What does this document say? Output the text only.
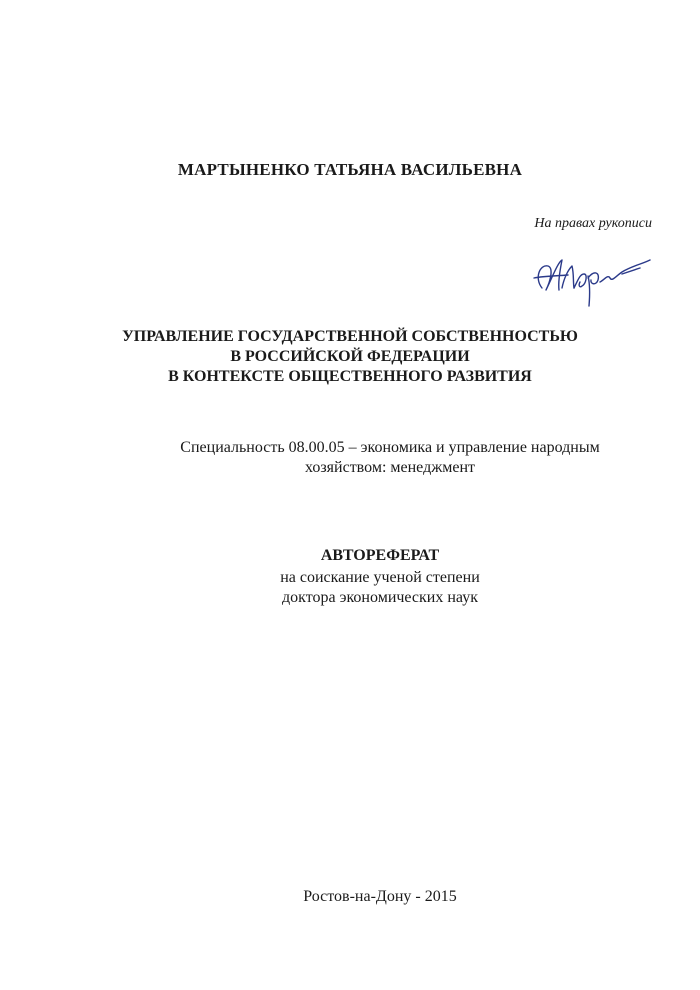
МАРТЫНЕНКО ТАТЬЯНА ВАСИЛЬЕВНА
На правах рукописи
УПРАВЛЕНИЕ ГОСУДАРСТВЕННОЙ СОБСТВЕННОСТЬЮ
В РОССИЙСКОЙ ФЕДЕРАЦИИ
В КОНТЕКСТЕ ОБЩЕСТВЕННОГО РАЗВИТИЯ
Специальность 08.00.05 – экономика и управление народным
хозяйством: менеджмент
АВТОРЕФЕРАТ
на соискание ученой степени
доктора экономических наук
Ростов-на-Дону - 2015
